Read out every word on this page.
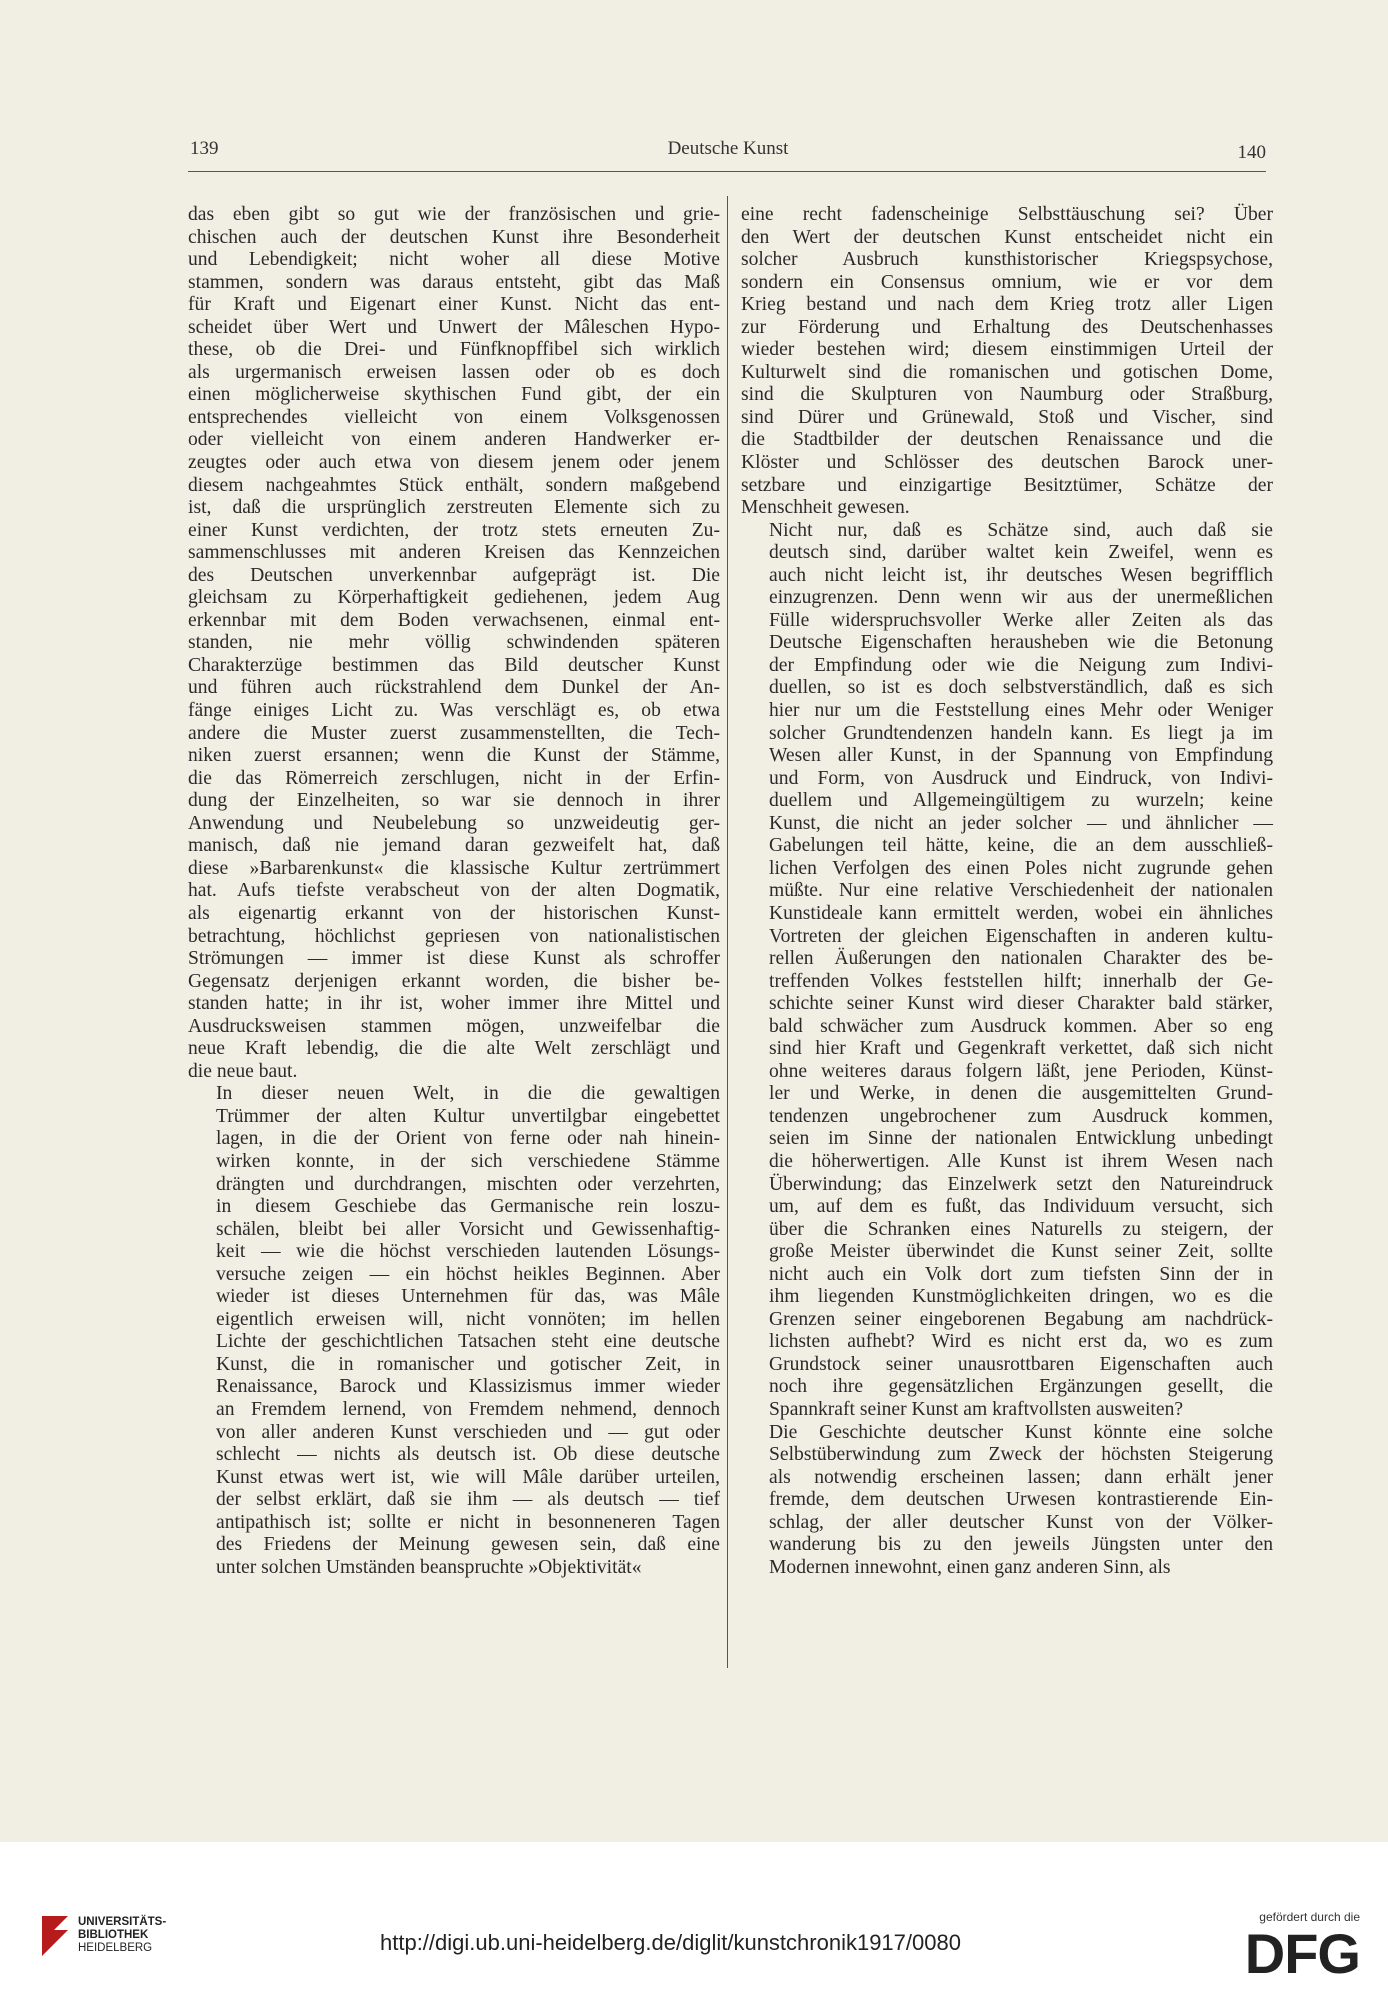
139	Deutsche Kunst	140

das eben gibt so gut wie der französischen und grie-
chischen auch der deutschen Kunst ihre Besonderheit
und Lebendigkeit; nicht woher all diese Motive
stammen, sondern was daraus entsteht, gibt das Maß
für Kraft und Eigenart einer Kunst. Nicht das ent-
scheidet über Wert und Unwert der Mâleschen Hypo-
these, ob die Drei- und Fünfknopffibel sich wirklich
als urgermanisch erweisen lassen oder ob es doch
einen möglicherweise skythischen Fund gibt, der ein
entsprechendes vielleicht von einem Volksgenossen
oder vielleicht von einem anderen Handwerker er-
zeugtes oder auch etwa von diesem jenem oder jenem
diesem nachgeahmtes Stück enthält, sondern maßgebend
ist, daß die ursprünglich zerstreuten Elemente sich zu
einer Kunst verdichten, der trotz stets erneuten Zu-
sammenschlusses mit anderen Kreisen das Kennzeichen
des Deutschen unverkennbar aufgeprägt ist. Die
gleichsam zu Körperhaftigkeit gediehenen, jedem Aug
erkennbar mit dem Boden verwachsenen, einmal ent-
standen, nie mehr völlig schwindenden späteren
Charakterzüge bestimmen das Bild deutscher Kunst
und führen auch rückstrahlend dem Dunkel der An-
fänge einiges Licht zu. Was verschlägt es, ob etwa
andere die Muster zuerst zusammenstellten, die Tech-
niken zuerst ersannen; wenn die Kunst der Stämme,
die das Römerreich zerschlugen, nicht in der Erfin-
dung der Einzelheiten, so war sie dennoch in ihrer
Anwendung und Neubelebung so unzweideutig ger-
manisch, daß nie jemand daran gezweifelt hat, daß
diese »Barbarenkunst« die klassische Kultur zertrümmert
hat. Aufs tiefste verabscheut von der alten Dogmatik,
als eigenartig erkannt von der historischen Kunst-
betrachtung, höchlichst gepriesen von nationalistischen
Strömungen — immer ist diese Kunst als schroffer
Gegensatz derjenigen erkannt worden, die bisher be-
standen hatte; in ihr ist, woher immer ihre Mittel und
Ausdrucksweisen stammen mögen, unzweifelbar die
neue Kraft lebendig, die die alte Welt zerschlägt und
die neue baut.

In dieser neuen Welt, in die die gewaltigen
Trümmer der alten Kultur unvertilgbar eingebettet
lagen, in die der Orient von ferne oder nah hinein-
wirken konnte, in der sich verschiedene Stämme
drängten und durchdrangen, mischten oder verzehrten,
in diesem Geschiebe das Germanische rein loszu-
schälen, bleibt bei aller Vorsicht und Gewissenhaftig-
keit — wie die höchst verschieden lautenden Lösungs-
versuche zeigen — ein höchst heikles Beginnen. Aber
wieder ist dieses Unternehmen für das, was Mâle
eigentlich erweisen will, nicht vonnöten; im hellen
Lichte der geschichtlichen Tatsachen steht eine deutsche
Kunst, die in romanischer und gotischer Zeit, in
Renaissance, Barock und Klassizismus immer wieder
an Fremdem lernend, von Fremdem nehmend, dennoch
von aller anderen Kunst verschieden und — gut oder
schlecht — nichts als deutsch ist. Ob diese deutsche
Kunst etwas wert ist, wie will Mâle darüber urteilen,
der selbst erklärt, daß sie ihm — als deutsch — tief
antipathisch ist; sollte er nicht in besonneneren Tagen
des Friedens der Meinung gewesen sein, daß eine
unter solchen Umständen beanspruchte »Objektivität«

eine recht fadenscheinige Selbsttäuschung sei? Über
den Wert der deutschen Kunst entscheidet nicht ein
solcher Ausbruch kunsthistorischer Kriegspsychose,
sondern ein Consensus omnium, wie er vor dem
Krieg bestand und nach dem Krieg trotz aller Ligen
zur Förderung und Erhaltung des Deutschenhasses
wieder bestehen wird; diesem einstimmigen Urteil der
Kulturwelt sind die romanischen und gotischen Dome,
sind die Skulpturen von Naumburg oder Straßburg,
sind Dürer und Grünewald, Stoß und Vischer, sind
die Stadtbilder der deutschen Renaissance und die
Klöster und Schlösser des deutschen Barock uner-
setzbare und einzigartige Besitztümer, Schätze der
Menschheit gewesen.

Nicht nur, daß es Schätze sind, auch daß sie
deutsch sind, darüber waltet kein Zweifel, wenn es
auch nicht leicht ist, ihr deutsches Wesen begrifflich
einzugrenzen. Denn wenn wir aus der unermeßlichen
Fülle widerspruchsvoller Werke aller Zeiten als das
Deutsche Eigenschaften herausheben wie die Betonung
der Empfindung oder wie die Neigung zum Indivi-
duellen, so ist es doch selbstverständlich, daß es sich
hier nur um die Feststellung eines Mehr oder Weniger
solcher Grundtendenzen handeln kann. Es liegt ja im
Wesen aller Kunst, in der Spannung von Empfindung
und Form, von Ausdruck und Eindruck, von Indivi-
duellem und Allgemeingültigem zu wurzeln; keine
Kunst, die nicht an jeder solcher — und ähnlicher —
Gabelungen teil hätte, keine, die an dem ausschließ-
lichen Verfolgen des einen Poles nicht zugrunde gehen
müßte. Nur eine relative Verschiedenheit der nationalen
Kunstideale kann ermittelt werden, wobei ein ähnliches
Vortreten der gleichen Eigenschaften in anderen kultu-
rellen Äußerungen den nationalen Charakter des be-
treffenden Volkes feststellen hilft; innerhalb der Ge-
schichte seiner Kunst wird dieser Charakter bald stärker,
bald schwächer zum Ausdruck kommen. Aber so eng
sind hier Kraft und Gegenkraft verkettet, daß sich nicht
ohne weiteres daraus folgern läßt, jene Perioden, Künst-
ler und Werke, in denen die ausgemittelten Grund-
tendenzen ungebrochener zum Ausdruck kommen,
seien im Sinne der nationalen Entwicklung unbedingt
die höherwertigen. Alle Kunst ist ihrem Wesen nach
Überwindung; das Einzelwerk setzt den Natureindruck
um, auf dem es fußt, das Individuum versucht, sich
über die Schranken eines Naturells zu steigern, der
große Meister überwindet die Kunst seiner Zeit, sollte
nicht auch ein Volk dort zum tiefsten Sinn der in
ihm liegenden Kunstmöglichkeiten dringen, wo es die
Grenzen seiner eingeborenen Begabung am nachdrück-
lichsten aufhebt? Wird es nicht erst da, wo es zum
Grundstock seiner unausrottbaren Eigenschaften auch
noch ihre gegensätzlichen Ergänzungen gesellt, die
Spannkraft seiner Kunst am kraftvollsten ausweiten?

Die Geschichte deutscher Kunst könnte eine solche
Selbstüberwindung zum Zweck der höchsten Steigerung
als notwendig erscheinen lassen; dann erhält jener
fremde, dem deutschen Urwesen kontrastierende Ein-
schlag, der aller deutscher Kunst von der Völker-
wanderung bis zu den jeweils Jüngsten unter den
Modernen innewohnt, einen ganz anderen Sinn, als

UNIVERSITÄTS-
BIBLIOTHEK
HEIDELBERG	http://digi.ub.uni-heidelberg.de/diglit/kunstchronik1917/0080
gefördert durch die
DFG
